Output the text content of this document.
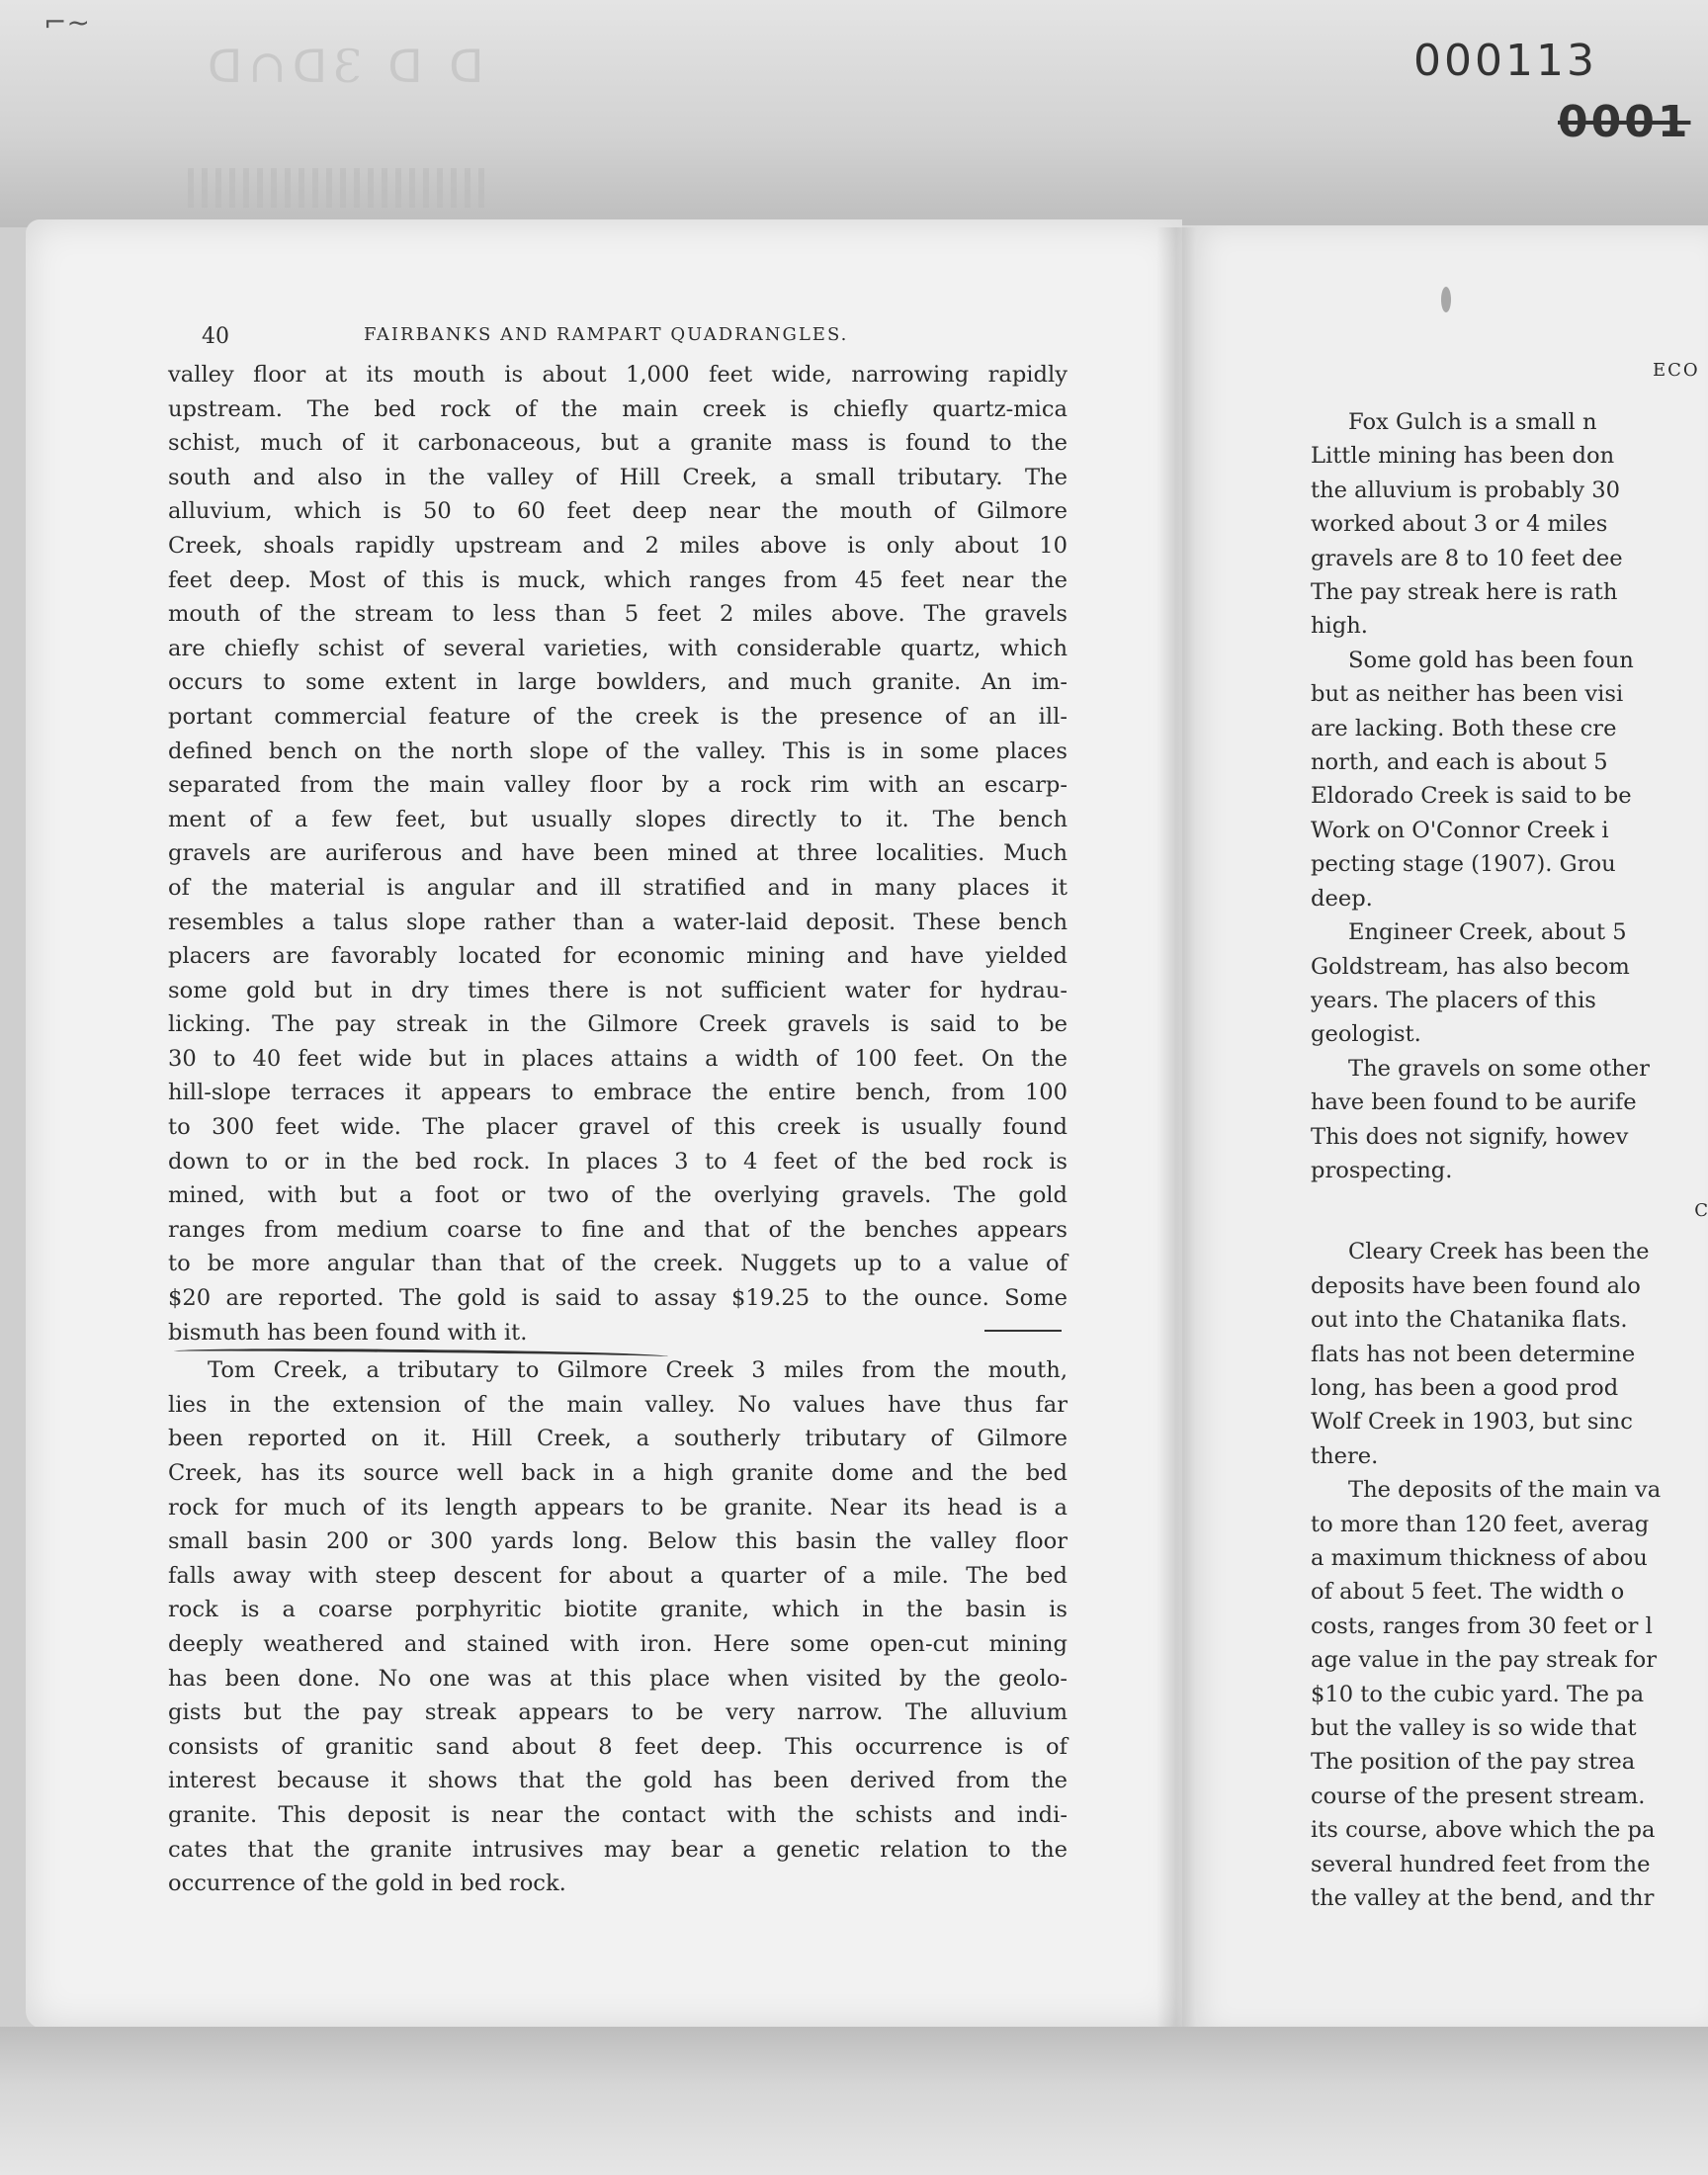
ᗡ∩ᗡƐ ᗡ ᗡ
⌐~
000113
0001
40	FAIRBANKS AND RAMPART QUADRANGLES.
ECO
valley floor at its mouth is about 1,000 feet wide, narrowing rapidly
upstream. The bed rock of the main creek is chiefly quartz-mica
schist, much of it carbonaceous, but a granite mass is found to the
south and also in the valley of Hill Creek, a small tributary. The
alluvium, which is 50 to 60 feet deep near the mouth of Gilmore
Creek, shoals rapidly upstream and 2 miles above is only about 10
feet deep. Most of this is muck, which ranges from 45 feet near the
mouth of the stream to less than 5 feet 2 miles above. The gravels
are chiefly schist of several varieties, with considerable quartz, which
occurs to some extent in large bowlders, and much granite. An im-
portant commercial feature of the creek is the presence of an ill-
defined bench on the north slope of the valley. This is in some places
separated from the main valley floor by a rock rim with an escarp-
ment of a few feet, but usually slopes directly to it. The bench
gravels are auriferous and have been mined at three localities. Much
of the material is angular and ill stratified and in many places it
resembles a talus slope rather than a water-laid deposit. These bench
placers are favorably located for economic mining and have yielded
some gold but in dry times there is not sufficient water for hydrau-
licking. The pay streak in the Gilmore Creek gravels is said to be
30 to 40 feet wide but in places attains a width of 100 feet. On the
hill-slope terraces it appears to embrace the entire bench, from 100
to 300 feet wide. The placer gravel of this creek is usually found
down to or in the bed rock. In places 3 to 4 feet of the bed rock is
mined, with but a foot or two of the overlying gravels. The gold
ranges from medium coarse to fine and that of the benches appears
to be more angular than that of the creek. Nuggets up to a value of
$20 are reported. The gold is said to assay $19.25 to the ounce. Some
bismuth has been found with it.
Tom Creek, a tributary to Gilmore Creek 3 miles from the mouth,
lies in the extension of the main valley. No values have thus far
been reported on it. Hill Creek, a southerly tributary of Gilmore
Creek, has its source well back in a high granite dome and the bed
rock for much of its length appears to be granite. Near its head is a
small basin 200 or 300 yards long. Below this basin the valley floor
falls away with steep descent for about a quarter of a mile. The bed
rock is a coarse porphyritic biotite granite, which in the basin is
deeply weathered and stained with iron. Here some open-cut mining
has been done. No one was at this place when visited by the geolo-
gists but the pay streak appears to be very narrow. The alluvium
consists of granitic sand about 8 feet deep. This occurrence is of
interest because it shows that the gold has been derived from the
granite. This deposit is near the contact with the schists and indi-
cates that the granite intrusives may bear a genetic relation to the
occurrence of the gold in bed rock.
Fox Gulch is a small n
Little mining has been don
the alluvium is probably 30
worked about 3 or 4 miles
gravels are 8 to 10 feet dee
The pay streak here is rath
high.
Some gold has been foun
but as neither has been visi
are lacking. Both these cre
north, and each is about 5
Eldorado Creek is said to be
Work on O'Connor Creek i
pecting stage (1907). Grou
deep.
Engineer Creek, about 5
Goldstream, has also becom
years. The placers of this
geologist.
The gravels on some other
have been found to be aurife
This does not signify, howev
prospecting.
C
Cleary Creek has been the
deposits have been found alo
out into the Chatanika flats.
flats has not been determine
long, has been a good prod
Wolf Creek in 1903, but sinc
there.
The deposits of the main va
to more than 120 feet, averag
a maximum thickness of abou
of about 5 feet. The width o
costs, ranges from 30 feet or l
age value in the pay streak for
$10 to the cubic yard. The pa
but the valley is so wide that
The position of the pay strea
course of the present stream.
its course, above which the pa
several hundred feet from the
the valley at the bend, and thr
